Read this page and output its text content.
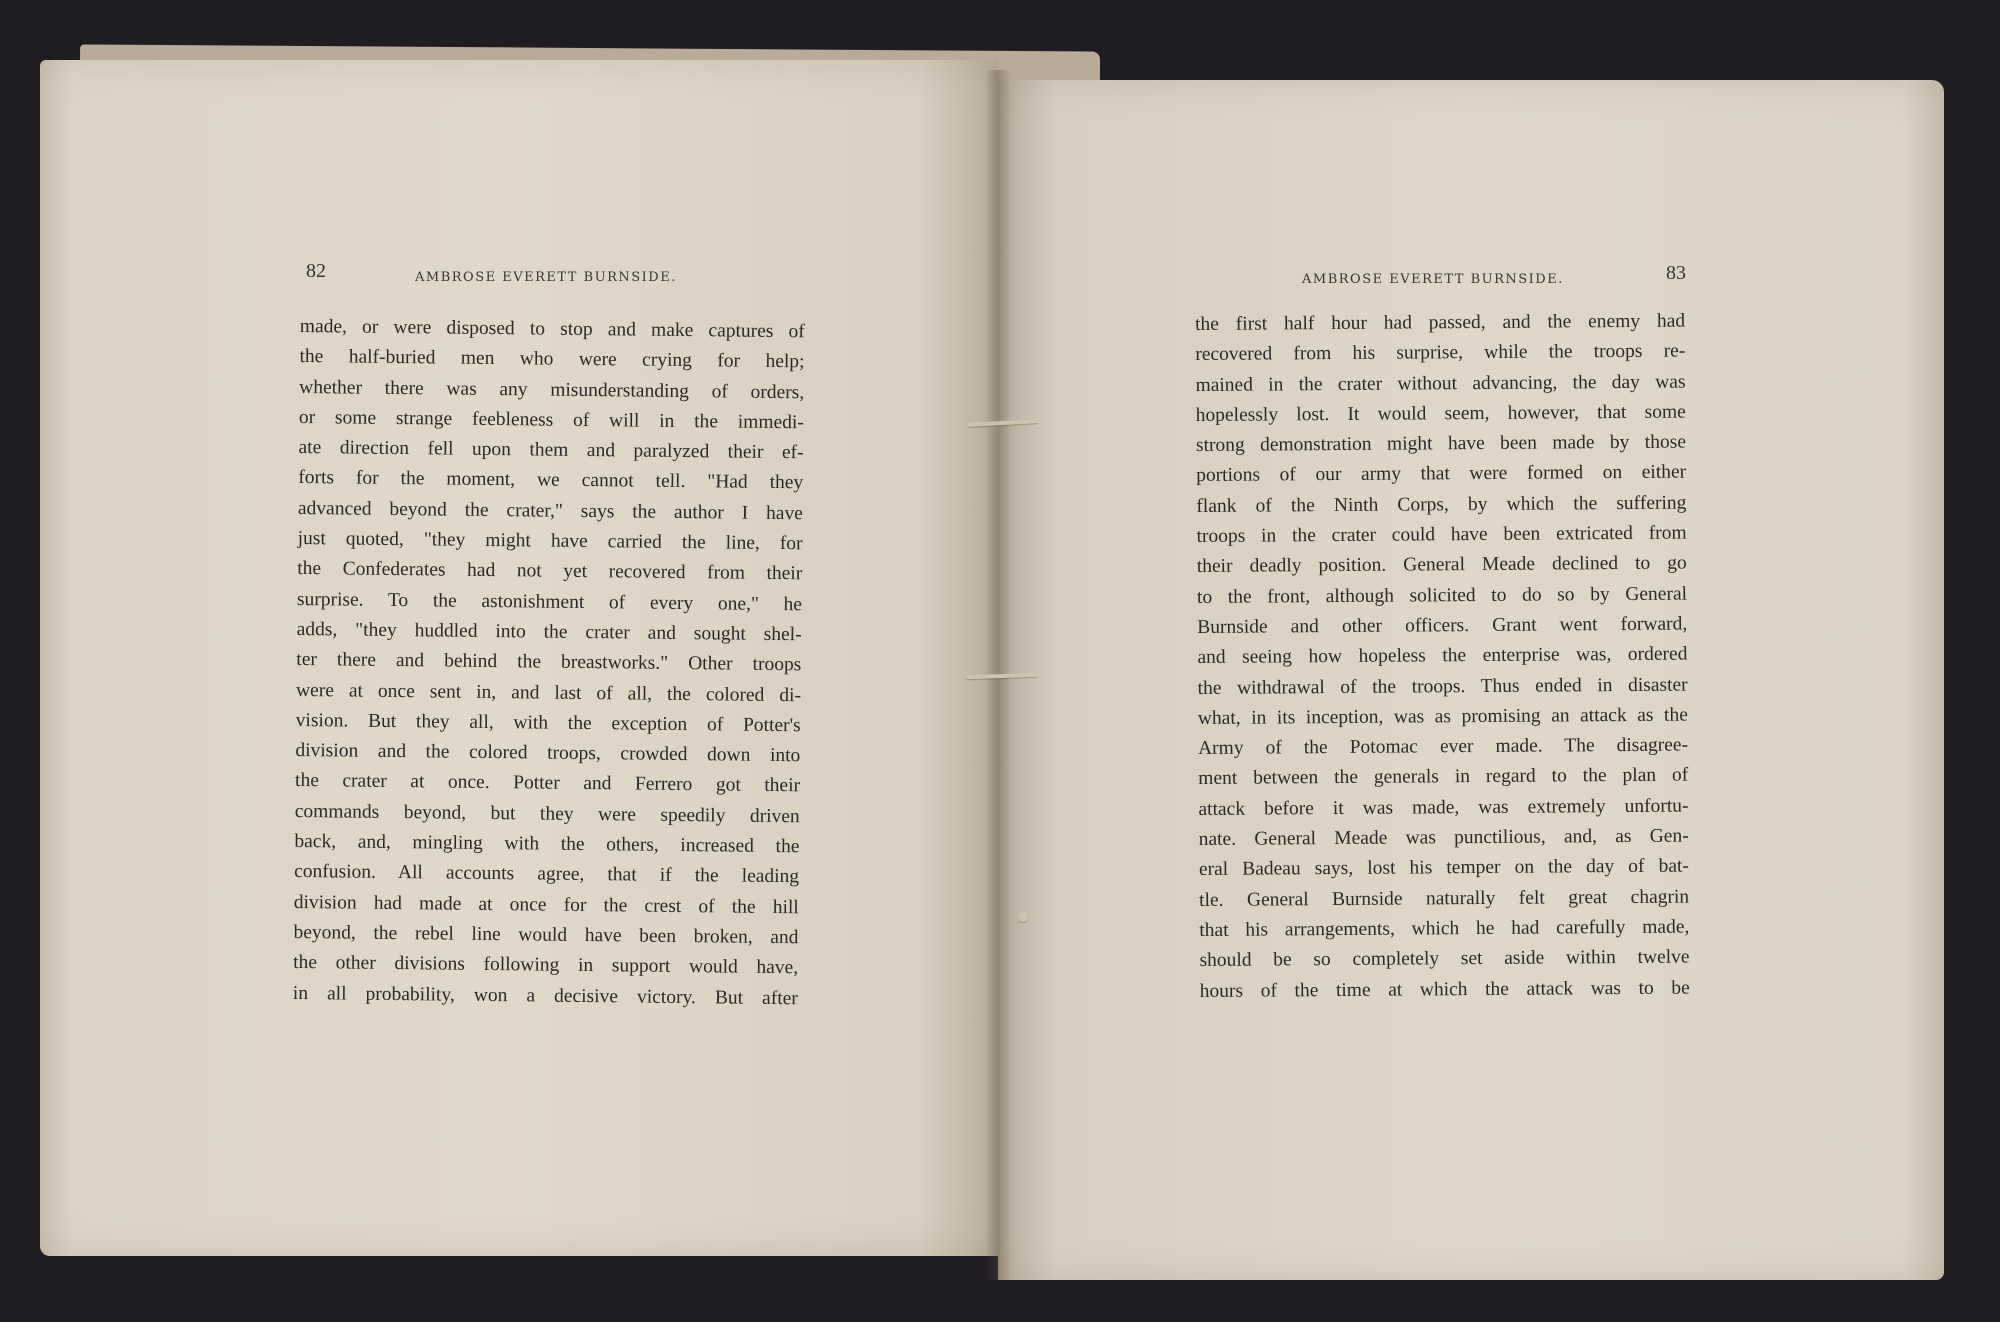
82	AMBROSE EVERETT BURNSIDE.
made, or were disposed to stop and make captures of
the half-buried men who were crying for help;
whether there was any misunderstanding of orders,
or some strange feebleness of will in the immedi-
ate direction fell upon them and paralyzed their ef-
forts for the moment, we cannot tell. "Had they
advanced beyond the crater," says the author I have
just quoted, "they might have carried the line, for
the Confederates had not yet recovered from their
surprise. To the astonishment of every one," he
adds, "they huddled into the crater and sought shel-
ter there and behind the breastworks." Other troops
were at once sent in, and last of all, the colored di-
vision. But they all, with the exception of Potter's
division and the colored troops, crowded down into
the crater at once. Potter and Ferrero got their
commands beyond, but they were speedily driven
back, and, mingling with the others, increased the
confusion. All accounts agree, that if the leading
division had made at once for the crest of the hill
beyond, the rebel line would have been broken, and
the other divisions following in support would have,
in all probability, won a decisive victory. But after
AMBROSE EVERETT BURNSIDE.	83
the first half hour had passed, and the enemy had
recovered from his surprise, while the troops re-
mained in the crater without advancing, the day was
hopelessly lost. It would seem, however, that some
strong demonstration might have been made by those
portions of our army that were formed on either
flank of the Ninth Corps, by which the suffering
troops in the crater could have been extricated from
their deadly position. General Meade declined to go
to the front, although solicited to do so by General
Burnside and other officers. Grant went forward,
and seeing how hopeless the enterprise was, ordered
the withdrawal of the troops. Thus ended in disaster
what, in its inception, was as promising an attack as the
Army of the Potomac ever made. The disagree-
ment between the generals in regard to the plan of
attack before it was made, was extremely unfortu-
nate. General Meade was punctilious, and, as Gen-
eral Badeau says, lost his temper on the day of bat-
tle. General Burnside naturally felt great chagrin
that his arrangements, which he had carefully made,
should be so completely set aside within twelve
hours of the time at which the attack was to be
